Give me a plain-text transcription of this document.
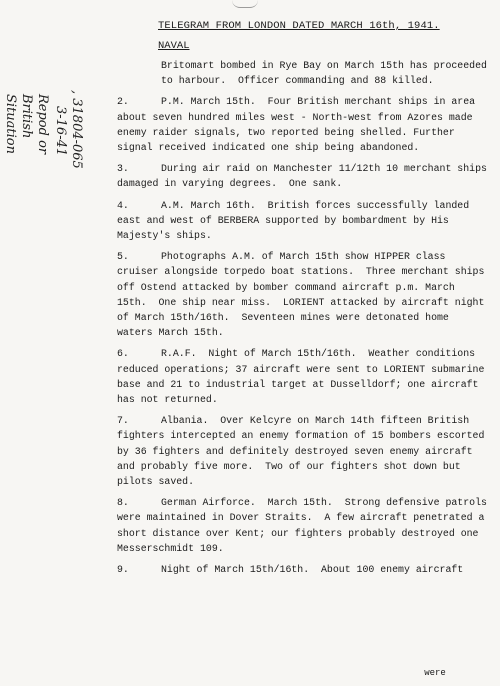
TELEGRAM FROM LONDON DATED MARCH 16th, 1941.
NAVAL
, 31804-065
3-16-41
Repod or
British
Situation

Britomart bombed in Rye Bay on March 15th has proceeded to harbour.  Officer commanding and 88 killed.

2.	P.M. March 15th.  Four British merchant ships in area about seven hundred miles west - North-west from Azores made enemy raider signals, two reported being shelled. Further signal received indicated one ship being abandoned.

3.	During air raid on Manchester 11/12th 10 merchant ships damaged in varying degrees.  One sank.

4.	A.M. March 16th.  British forces successfully landed east and west of BERBERA supported by bombardment by His Majesty's ships.

5.	Photographs A.M. of March 15th show HIPPER class cruiser alongside torpedo boat stations.  Three merchant ships off Ostend attacked by bomber command aircraft p.m. March 15th.  One ship near miss.  LORIENT attacked by aircraft night of March 15th/16th.  Seventeen mines were detonated home waters March 15th.

6.	R.A.F.  Night of March 15th/16th.  Weather conditions reduced operations; 37 aircraft were sent to LORIENT submarine base and 21 to industrial target at Dusselldorf; one aircraft has not returned.

7.	Albania.  Over Kelcyre on March 14th fifteen British fighters intercepted an enemy formation of 15 bombers escorted by 36 fighters and definitely destroyed seven enemy aircraft and probably five more.  Two of our fighters shot down but pilots saved.

8.	German Airforce.  March 15th.  Strong defensive patrols were maintained in Dover Straits.  A few aircraft penetrated a short distance over Kent; our fighters probably destroyed one Messerschmidt 109.

9.	Night of March 15th/16th.  About 100 enemy aircraft

were
